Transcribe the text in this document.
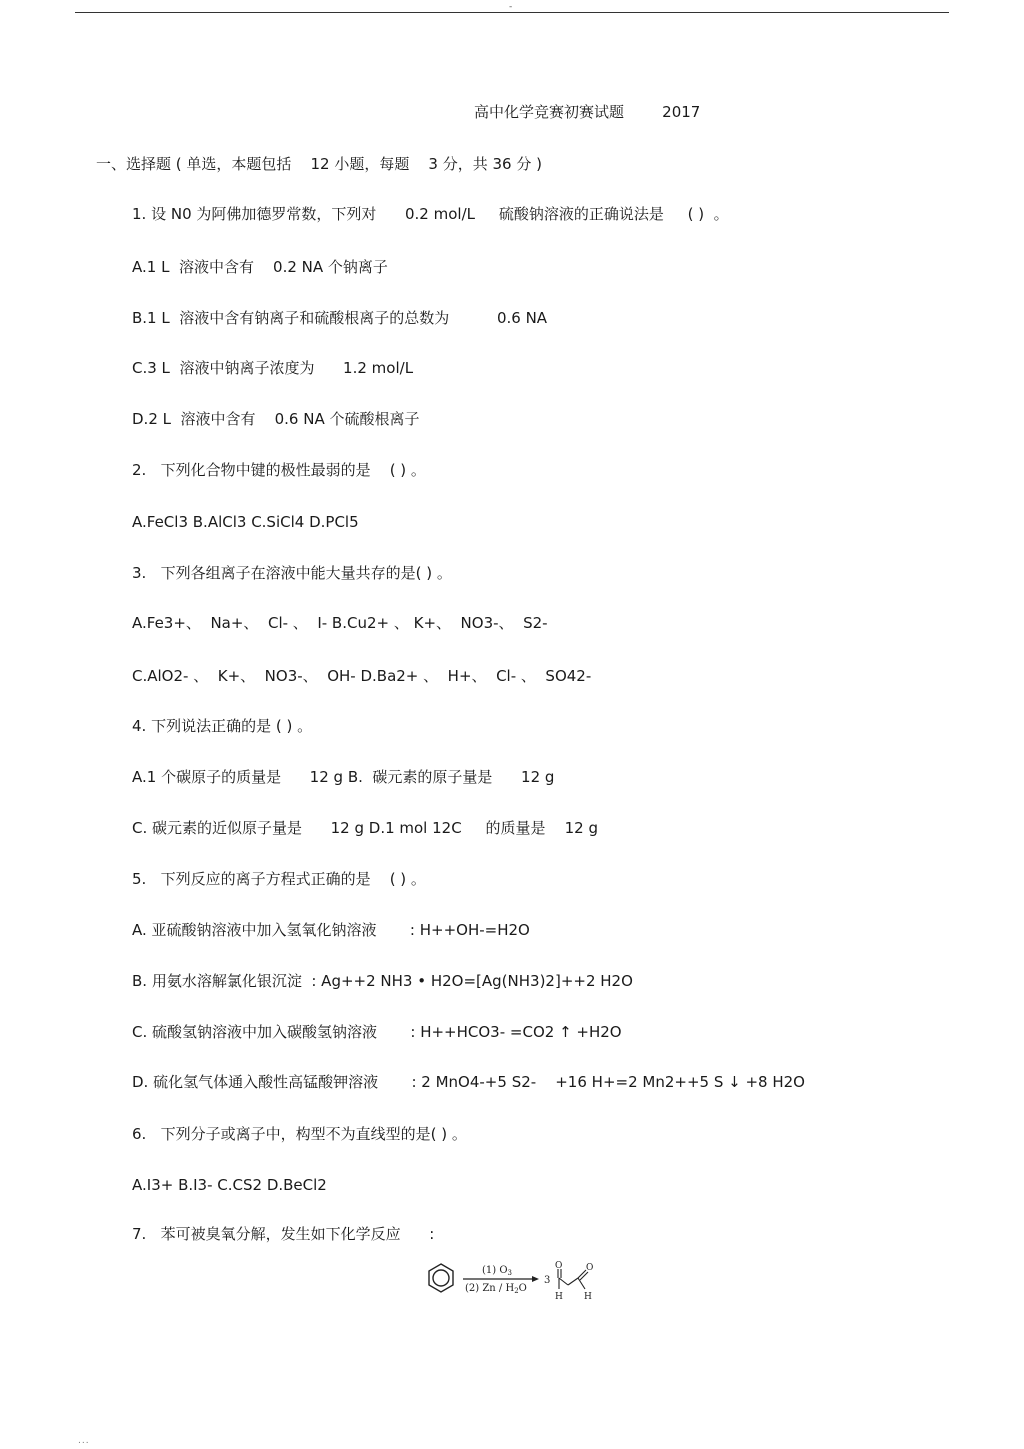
-
高中化学竞赛初赛试题        2017
一、选择题 ( 单选，本题包括    12 小题，每题    3 分，共 36 分 )
1. 设 N0 为阿佛加德罗常数，下列对      0.2 mol/L     硫酸钠溶液的正确说法是     ( )  。
A.1 L  溶液中含有    0.2 NA 个钠离子
B.1 L  溶液中含有钠离子和硫酸根离子的总数为          0.6 NA
C.3 L  溶液中钠离子浓度为      1.2 mol/L
D.2 L  溶液中含有    0.6 NA 个硫酸根离子
2.   下列化合物中键的极性最弱的是    ( ) 。
A.FeCl3 B.AlCl3 C.SiCl4 D.PCl5
3.   下列各组离子在溶液中能大量共存的是( ) 。
A.Fe3+、  Na+、  Cl- 、  I- B.Cu2+ 、 K+、  NO3-、  S2-
C.AlO2- 、  K+、  NO3-、  OH- D.Ba2+ 、  H+、  Cl- 、  SO42-
4. 下列说法正确的是 ( ) 。
A.1 个碳原子的质量是      12 g B.  碳元素的原子量是      12 g
C. 碳元素的近似原子量是      12 g D.1 mol 12C     的质量是    12 g
5.   下列反应的离子方程式正确的是    ( ) 。
A. 亚硫酸钠溶液中加入氢氧化钠溶液       : H++OH-=H2O
B. 用氨水溶解氯化银沉淀  : Ag++2 NH3 • H2O=[Ag(NH3)2]++2 H2O
C. 硫酸氢钠溶液中加入碳酸氢钠溶液       : H++HCO3- =CO2 ↑ +H2O
D. 硫化氢气体通入酸性高锰酸钾溶液       : 2 MnO4-+5 S2-    +16 H+=2 Mn2++5 S ↓ +8 H2O
6.   下列分子或离子中，构型不为直线型的是( ) 。
A.I3+ B.I3- C.CS2 D.BeCl2
7.   苯可被臭氧分解，发生如下化学反应      :
(1) $O_3$
(2) Zn / $H_2O$
3
O	O
H H
...
